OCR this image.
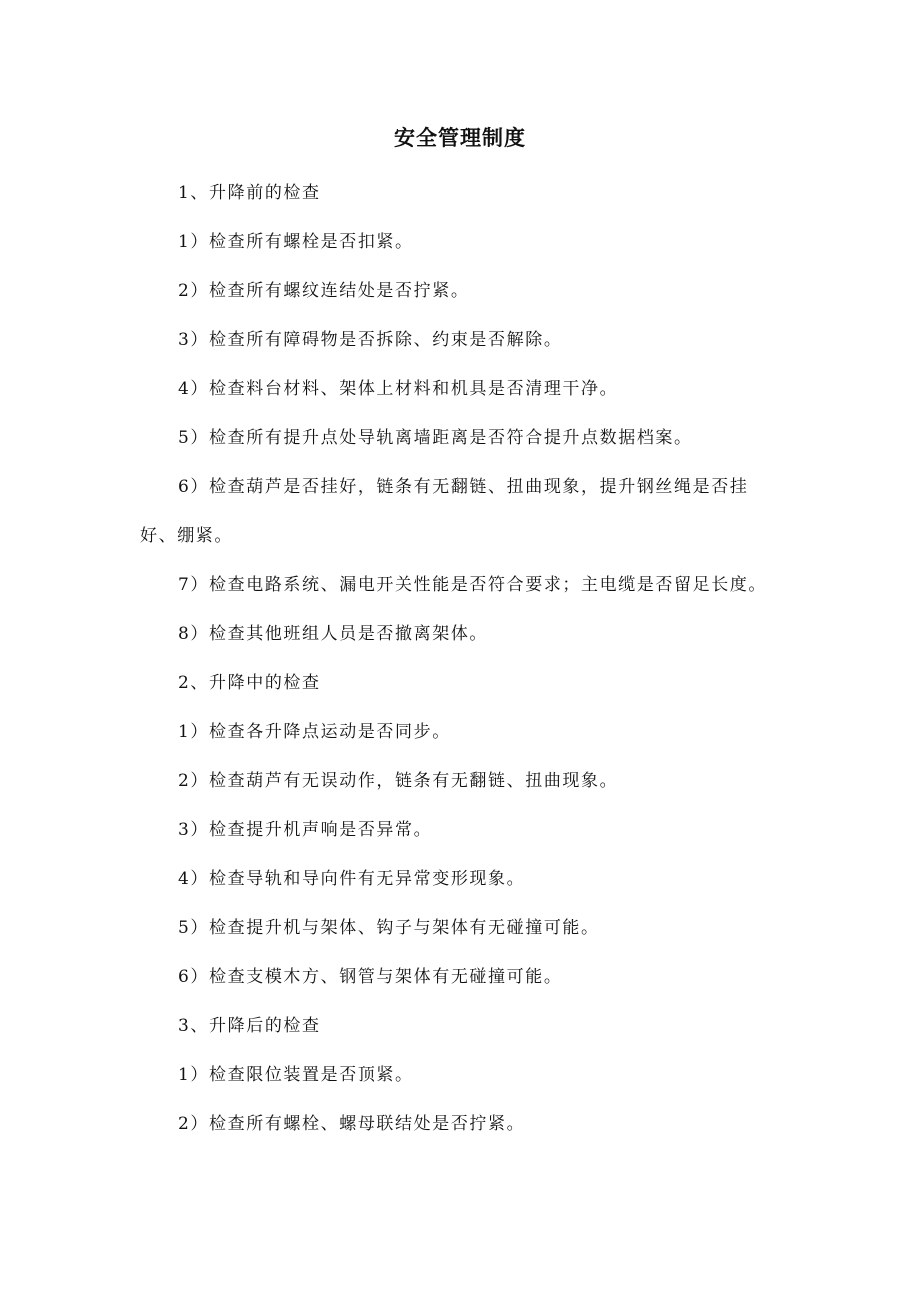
安全管理制度

1、升降前的检查

1）检查所有螺栓是否扣紧。

2）检查所有螺纹连结处是否拧紧。

3）检查所有障碍物是否拆除、约束是否解除。

4）检查料台材料、架体上材料和机具是否清理干净。

5）检查所有提升点处导轨离墙距离是否符合提升点数据档案。

6）检查葫芦是否挂好，链条有无翻链、扭曲现象，提升钢丝绳是否挂好、绷紧。

7）检查电路系统、漏电开关性能是否符合要求；主电缆是否留足长度。

8）检查其他班组人员是否撤离架体。

2、升降中的检查

1）检查各升降点运动是否同步。

2）检查葫芦有无误动作，链条有无翻链、扭曲现象。

3）检查提升机声响是否异常。

4）检查导轨和导向件有无异常变形现象。

5）检查提升机与架体、钩子与架体有无碰撞可能。

6）检查支模木方、钢管与架体有无碰撞可能。

3、升降后的检查

1）检查限位装置是否顶紧。

2）检查所有螺栓、螺母联结处是否拧紧。
